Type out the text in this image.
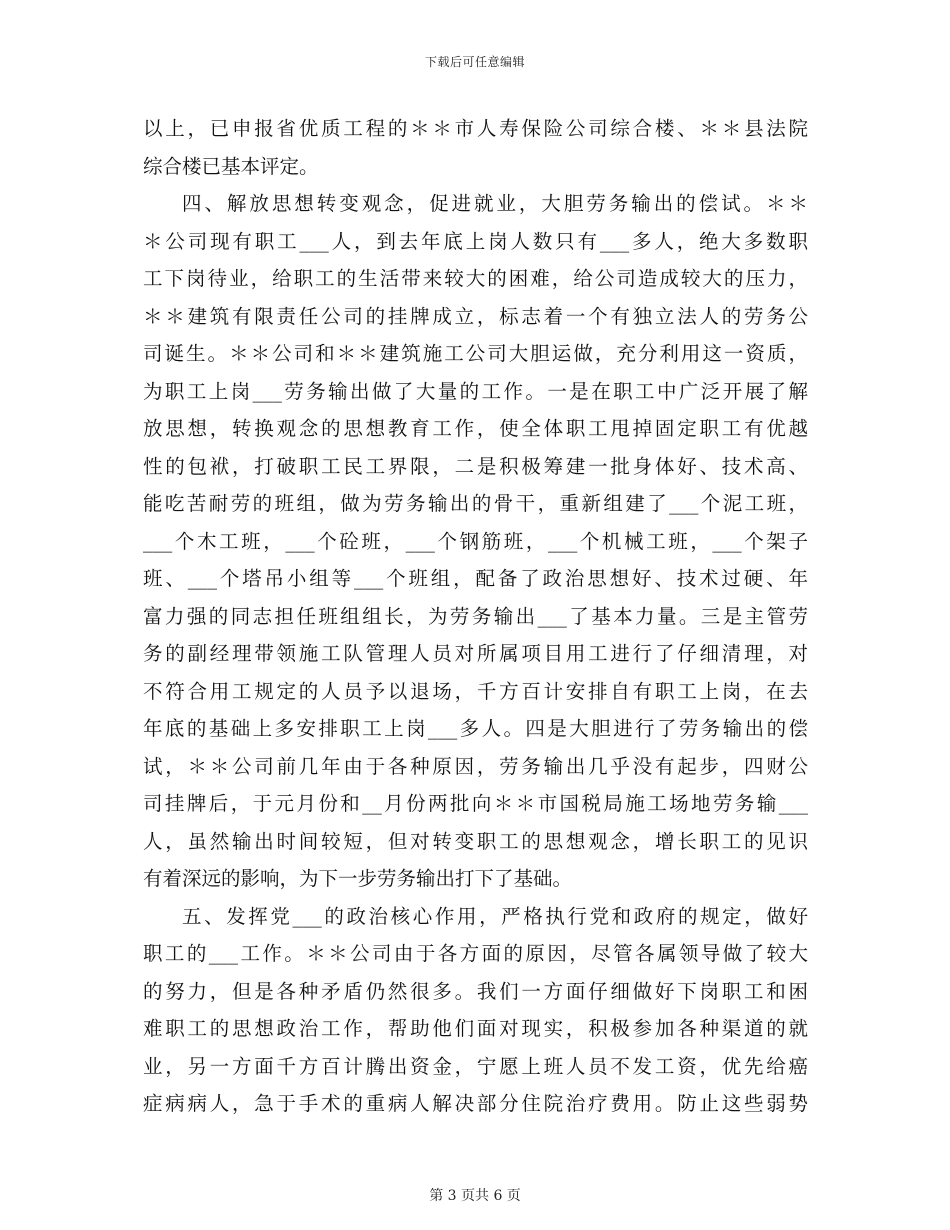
下载后可任意编辑
以上，已申报省优质工程的＊＊市人寿保险公司综合楼、＊＊县法院
综合楼已基本评定。
四、解放思想转变观念，促进就业，大胆劳务输出的偿试。＊＊
＊公司现有职工___人，到去年底上岗人数只有___多人，绝大多数职
工下岗待业，给职工的生活带来较大的困难，给公司造成较大的压力，
＊＊建筑有限责任公司的挂牌成立，标志着一个有独立法人的劳务公
司诞生。＊＊公司和＊＊建筑施工公司大胆运做，充分利用这一资质，
为职工上岗___劳务输出做了大量的工作。一是在职工中广泛开展了解
放思想，转换观念的思想教育工作，使全体职工甩掉固定职工有优越
性的包袱，打破职工民工界限，二是积极筹建一批身体好、技术高、
能吃苦耐劳的班组，做为劳务输出的骨干，重新组建了___个泥工班，
___个木工班，___个砼班，___个钢筋班，___个机械工班，___个架子
班、___个塔吊小组等___个班组，配备了政治思想好、技术过硬、年
富力强的同志担任班组组长，为劳务输出___了基本力量。三是主管劳
务的副经理带领施工队管理人员对所属项目用工进行了仔细清理，对
不符合用工规定的人员予以退场，千方百计安排自有职工上岗，在去
年底的基础上多安排职工上岗___多人。四是大胆进行了劳务输出的偿
试，＊＊公司前几年由于各种原因，劳务输出几乎没有起步，四财公
司挂牌后，于元月份和__月份两批向＊＊市国税局施工场地劳务输___
人，虽然输出时间较短，但对转变职工的思想观念，增长职工的见识
有着深远的影响，为下一步劳务输出打下了基础。
五、发挥党___的政治核心作用，严格执行党和政府的规定，做好
职工的___工作。＊＊公司由于各方面的原因，尽管各属领导做了较大
的努力，但是各种矛盾仍然很多。我们一方面仔细做好下岗职工和困
难职工的思想政治工作，帮助他们面对现实，积极参加各种渠道的就
业，另一方面千方百计腾出资金，宁愿上班人员不发工资，优先给癌
症病病人，急于手术的重病人解决部分住院治疗费用。防止这些弱势
第 3 页共 6 页
